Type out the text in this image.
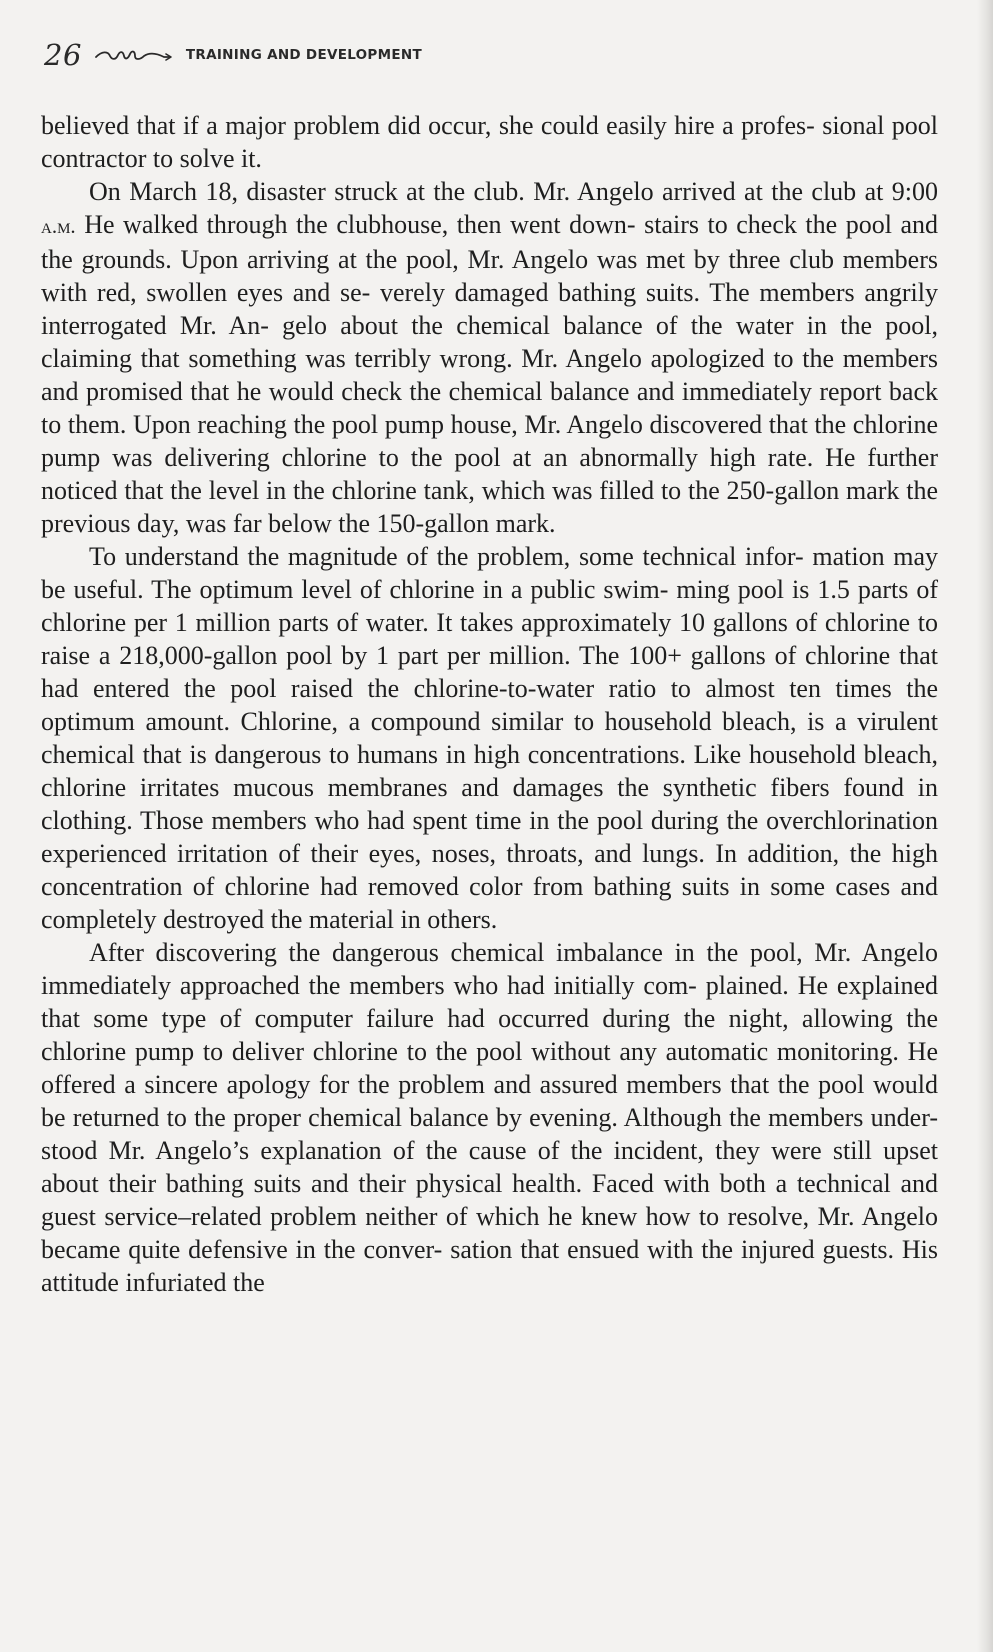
26	TRAINING AND DEVELOPMENT

believed that if a major problem did occur, she could easily hire a profes- sional pool contractor to solve it.

On March 18, disaster struck at the club. Mr. Angelo arrived at the club at 9:00 a.m. He walked through the clubhouse, then went down- stairs to check the pool and the grounds. Upon arriving at the pool, Mr. Angelo was met by three club members with red, swollen eyes and se- verely damaged bathing suits. The members angrily interrogated Mr. An- gelo about the chemical balance of the water in the pool, claiming that something was terribly wrong. Mr. Angelo apologized to the members and promised that he would check the chemical balance and immediately report back to them. Upon reaching the pool pump house, Mr. Angelo discovered that the chlorine pump was delivering chlorine to the pool at an abnormally high rate. He further noticed that the level in the chlorine tank, which was filled to the 250-gallon mark the previous day, was far below the 150-gallon mark.

To understand the magnitude of the problem, some technical infor- mation may be useful. The optimum level of chlorine in a public swim- ming pool is 1.5 parts of chlorine per 1 million parts of water. It takes approximately 10 gallons of chlorine to raise a 218,000-gallon pool by 1 part per million. The 100+ gallons of chlorine that had entered the pool raised the chlorine-to-water ratio to almost ten times the optimum amount. Chlorine, a compound similar to household bleach, is a virulent chemical that is dangerous to humans in high concentrations. Like household bleach, chlorine irritates mucous membranes and damages the synthetic fibers found in clothing. Those members who had spent time in the pool during the overchlorination experienced irritation of their eyes, noses, throats, and lungs. In addition, the high concentration of chlorine had removed color from bathing suits in some cases and completely destroyed the material in others.

After discovering the dangerous chemical imbalance in the pool, Mr. Angelo immediately approached the members who had initially com- plained. He explained that some type of computer failure had occurred during the night, allowing the chlorine pump to deliver chlorine to the pool without any automatic monitoring. He offered a sincere apology for the problem and assured members that the pool would be returned to the proper chemical balance by evening. Although the members under- stood Mr. Angelo’s explanation of the cause of the incident, they were still upset about their bathing suits and their physical health. Faced with both a technical and guest service–related problem neither of which he knew how to resolve, Mr. Angelo became quite defensive in the conver- sation that ensued with the injured guests. His attitude infuriated the
